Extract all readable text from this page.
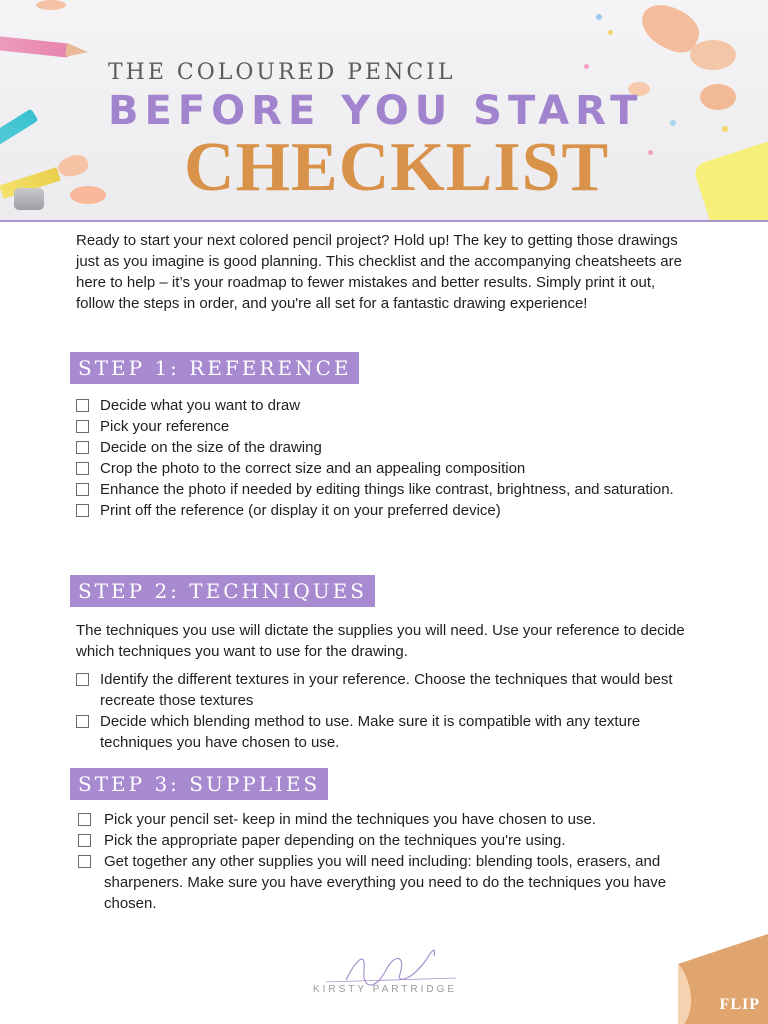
THE COLOURED PENCIL
BEFORE YOU START
CHECKLIST

Ready to start your next colored pencil project? Hold up! The key to getting those drawings just as you imagine is good planning. This checklist and the accompanying cheatsheets are here to help – it’s your roadmap to fewer mistakes and better results. Simply print it out, follow the steps in order, and you're all set for a fantastic drawing experience!

STEP 1: REFERENCE
Decide what you want to draw
Pick your reference
Decide on the size of the drawing
Crop the photo to the correct size and an appealing composition
Enhance the photo if needed by editing things like contrast, brightness, and saturation.
Print off the reference (or display it on your preferred device)
STEP 2: TECHNIQUES

The techniques you use will dictate the supplies you will need. Use your reference to decide which techniques you want to use for the drawing.

Identify the different textures in your reference. Choose the techniques that would best recreate those textures
Decide which blending method to use. Make sure it is compatible with any texture techniques you have chosen to use.
STEP 3: SUPPLIES
Pick your pencil set- keep in mind the techniques you have chosen to use.
Pick the appropriate paper depending on the techniques you're using.
Get together any other supplies you will need including: blending tools, erasers, and sharpeners. Make sure you have everything you need to do the techniques you have chosen.
KIRSTY PARTRIDGE
FLIP
